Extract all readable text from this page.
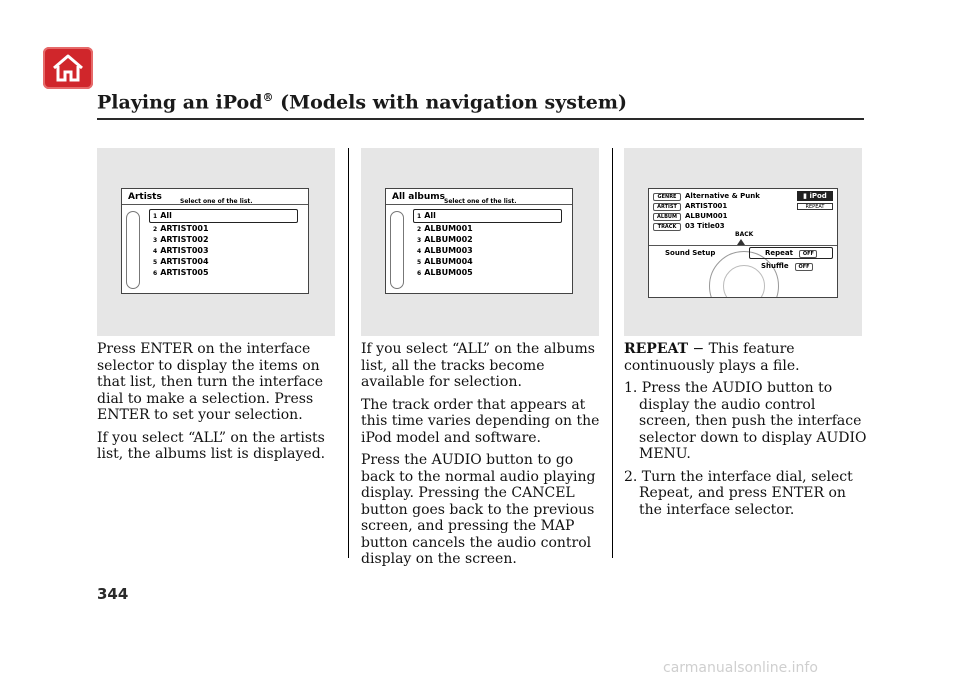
Playing an iPod® (Models with navigation system)
Artists	Select one of the list.
1 All
2 ARTIST001
3 ARTIST002
4 ARTIST003
5 ARTIST004
6 ARTIST005
All albums
Select one of the list.
1 All
2 ALBUM001
3 ALBUM002
4 ALBUM003
5 ALBUM004
6 ALBUM005
GENRE Alternative & Punk
ARTIST ARTIST001
ALBUM ALBUM001
TRACK 03 Title03
▮ iPod
REPEAT
BACK
Sound Setup	Repeat OFF
Shuffle OFF

Press ENTER on the interface selector to display the items on that list, then turn the interface dial to make a selection. Press ENTER to set your selection.

If you select “ALL” on the artists list, the albums list is displayed.

If you select “ALL” on the albums list, all the tracks become available for selection.

The track order that appears at this time varies depending on the iPod model and software.

Press the AUDIO button to go back to the normal audio playing display. Pressing the CANCEL button goes back to the previous screen, and pressing the MAP button cancels the audio control display on the screen.

REPEAT − This feature continuously plays a file.

1. Press the AUDIO button to display the audio control screen, then push the interface selector down to display AUDIO MENU.

2. Turn the interface dial, select Repeat, and press ENTER on the interface selector.

344
carmanualsonline.info
